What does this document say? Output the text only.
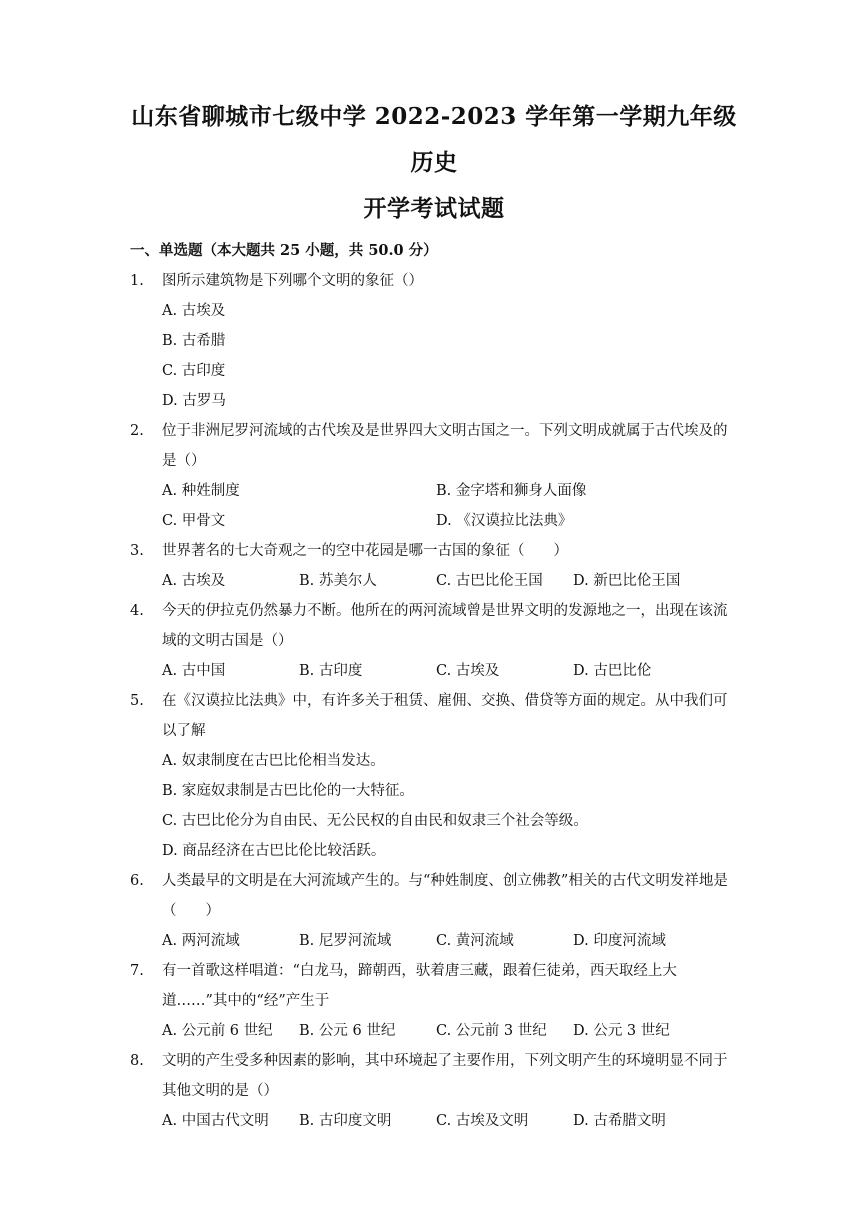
山东省聊城市七级中学 2022-2023 学年第一学期九年级历史
开学考试试题
一、单选题（本大题共 25 小题，共 50.0 分）
1.	图所示建筑物是下列哪个文明的象征（）
A. 古埃及
B. 古希腊
C. 古印度
D. 古罗马
2.	位于非洲尼罗河流域的古代埃及是世界四大文明古国之一。下列文明成就属于古代埃及的是（）
A. 种姓制度	B. 金字塔和狮身人面像
C. 甲骨文	D. 《汉谟拉比法典》
3.	世界著名的七大奇观之一的空中花园是哪一古国的象征（　　）
A. 古埃及	B. 苏美尔人	C. 古巴比伦王国	D. 新巴比伦王国
4.	今天的伊拉克仍然暴力不断。他所在的两河流域曾是世界文明的发源地之一，出现在该流域的文明古国是（）
A. 古中国	B. 古印度	C. 古埃及	D. 古巴比伦
5.	在《汉谟拉比法典》中，有许多关于租赁、雇佣、交换、借贷等方面的规定。从中我们可以了解
A. 奴隶制度在古巴比伦相当发达。
B. 家庭奴隶制是古巴比伦的一大特征。
C. 古巴比伦分为自由民、无公民权的自由民和奴隶三个社会等级。
D. 商品经济在古巴比伦比较活跃。
6.	人类最早的文明是在大河流域产生的。与“种姓制度、创立佛教”相关的古代文明发祥地是（　　）
A. 两河流域	B. 尼罗河流域	C. 黄河流域	D. 印度河流域
7.	有一首歌这样唱道：“白龙马，蹄朝西，驮着唐三藏，跟着仨徒弟，西天取经上大道……”其中的“经”产生于
A. 公元前 6 世纪	B. 公元 6 世纪	C. 公元前 3 世纪	D. 公元 3 世纪
8.	文明的产生受多种因素的影响，其中环境起了主要作用，下列文明产生的环境明显不同于其他文明的是（）
A. 中国古代文明	B. 古印度文明	C. 古埃及文明	D. 古希腊文明
